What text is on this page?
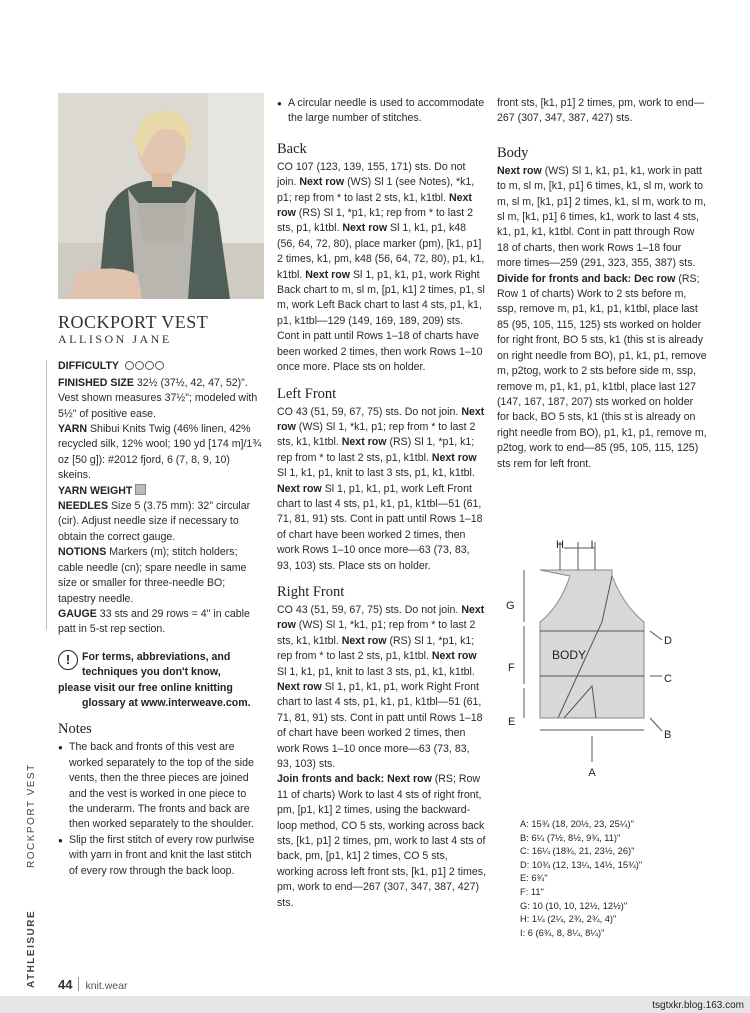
ROCKPORT VEST
ATHLEISURE

ROCKPORT VEST

ALLISON JANE

DIFFICULTY

FINISHED SIZE 32½ (37½, 42, 47, 52)". Vest shown measures 37½"; modeled with 5½" of positive ease.

YARN Shibui Knits Twig (46% linen, 42% recycled silk, 12% wool; 190 yd [174 m]/1¾ oz [50 g]): #2012 fjord, 6 (7, 8, 9, 10) skeins.

YARN WEIGHT

NEEDLES Size 5 (3.75 mm): 32" circular (cir). Adjust needle size if necessary to obtain the correct gauge.

NOTIONS Markers (m); stitch holders; cable needle (cn); spare needle in same size or smaller for three-needle BO; tapestry needle.

GAUGE 33 sts and 29 rows = 4" in cable patt in 5-st rep section.

!	For terms, abbreviations, and
techniques you don't know,
please visit our free online knitting glossary at www.interweave.com.

Notes
● The back and fronts of this vest are worked separately to the top of the side vents, then the three pieces are joined and the vest is worked in one piece to the underarm. The fronts and back are then worked separately to the shoulder.
● Slip the first stitch of every row purlwise with yarn in front and knit the last stitch of every row through the back loop.
● A circular needle is used to accommodate the large number of stitches.
Back

CO 107 (123, 139, 155, 171) sts. Do not join. Next row (WS) Sl 1 (see Notes), *k1, p1; rep from * to last 2 sts, k1, k1tbl. Next row (RS) Sl 1, *p1, k1; rep from * to last 2 sts, p1, k1tbl. Next row Sl 1, k1, p1, k48 (56, 64, 72, 80), place marker (pm), [k1, p1] 2 times, k1, pm, k48 (56, 64, 72, 80), p1, k1, k1tbl. Next row Sl 1, p1, k1, p1, work Right Back chart to m, sl m, [p1, k1] 2 times, p1, sl m, work Left Back chart to last 4 sts, p1, k1, p1, k1tbl—129 (149, 169, 189, 209) sts. Cont in patt until Rows 1–18 of charts have been worked 2 times, then work Rows 1–10 once more. Place sts on holder.

Left Front

CO 43 (51, 59, 67, 75) sts. Do not join. Next row (WS) Sl 1, *k1, p1; rep from * to last 2 sts, k1, k1tbl. Next row (RS) Sl 1, *p1, k1; rep from * to last 2 sts, p1, k1tbl. Next row Sl 1, k1, p1, knit to last 3 sts, p1, k1, k1tbl. Next row Sl 1, p1, k1, p1, work Left Front chart to last 4 sts, p1, k1, p1, k1tbl—51 (61, 71, 81, 91) sts. Cont in patt until Rows 1–18 of chart have been worked 2 times, then work Rows 1–10 once more—63 (73, 83, 93, 103) sts. Place sts on holder.

Right Front

CO 43 (51, 59, 67, 75) sts. Do not join. Next row (WS) Sl 1, *k1, p1; rep from * to last 2 sts, k1, k1tbl. Next row (RS) Sl 1, *p1, k1; rep from * to last 2 sts, p1, k1tbl. Next row Sl 1, k1, p1, knit to last 3 sts, p1, k1, k1tbl. Next row Sl 1, p1, k1, p1, work Right Front chart to last 4 sts, p1, k1, p1, k1tbl—51 (61, 71, 81, 91) sts. Cont in patt until Rows 1–18 of chart have been worked 2 times, then work Rows 1–10 once more—63 (73, 83, 93, 103) sts.
Join fronts and back: Next row (RS; Row 11 of charts) Work to last 4 sts of right front, pm, [p1, k1] 2 times, using the backward-loop method, CO 5 sts, working across back sts, [k1, p1] 2 times, pm, work to last 4 sts of back, pm, [p1, k1] 2 times, CO 5 sts, working across left front sts, [k1, p1] 2 times, pm, work to end—267 (307, 347, 387, 427) sts.

front sts, [k1, p1] 2 times, pm, work to end—267 (307, 347, 387, 427) sts.

Body

Next row (WS) Sl 1, k1, p1, k1, work in patt to m, sl m, [k1, p1] 6 times, k1, sl m, work to m, sl m, [k1, p1] 2 times, k1, sl m, work to m, sl m, [k1, p1] 6 times, k1, work to last 4 sts, k1, p1, k1, k1tbl. Cont in patt through Row 18 of charts, then work Rows 1–18 four more times—259 (291, 323, 355, 387) sts.

Divide for fronts and back: Dec row (RS; Row 1 of charts) Work to 2 sts before m, ssp, remove m, p1, k1, p1, k1tbl, place last 85 (95, 105, 115, 125) sts worked on holder for right front, BO 5 sts, k1 (this st is already on right needle from BO), p1, k1, p1, remove m, p2tog, work to 2 sts before side m, ssp, remove m, p1, k1, p1, k1tbl, place last 127 (147, 167, 187, 207) sts worked on holder for back, BO 5 sts, k1 (this st is already on right needle from BO), p1, k1, p1, remove m, p2tog, work to end—85 (95, 105, 115, 125) sts rem for left front.

H I
G
F
E
D
C
B
A
BODY

A: 15¾ (18, 20½, 23, 25¼)"

B: 6¼ (7½, 8½, 9¾, 11)"

C: 16¼ (18¾, 21, 23½, 26)"

D: 10¾ (12, 13¼, 14½, 15¾)"

E: 6¾"

F: 11"

G: 10 (10, 10, 12½, 12½)"

H: 1¼ (2¼, 2¾, 2¾, 4)"

I: 6 (6¾, 8, 8¼, 8¼)"

44 knit.wear
tsgtxkr.blog.163.com
